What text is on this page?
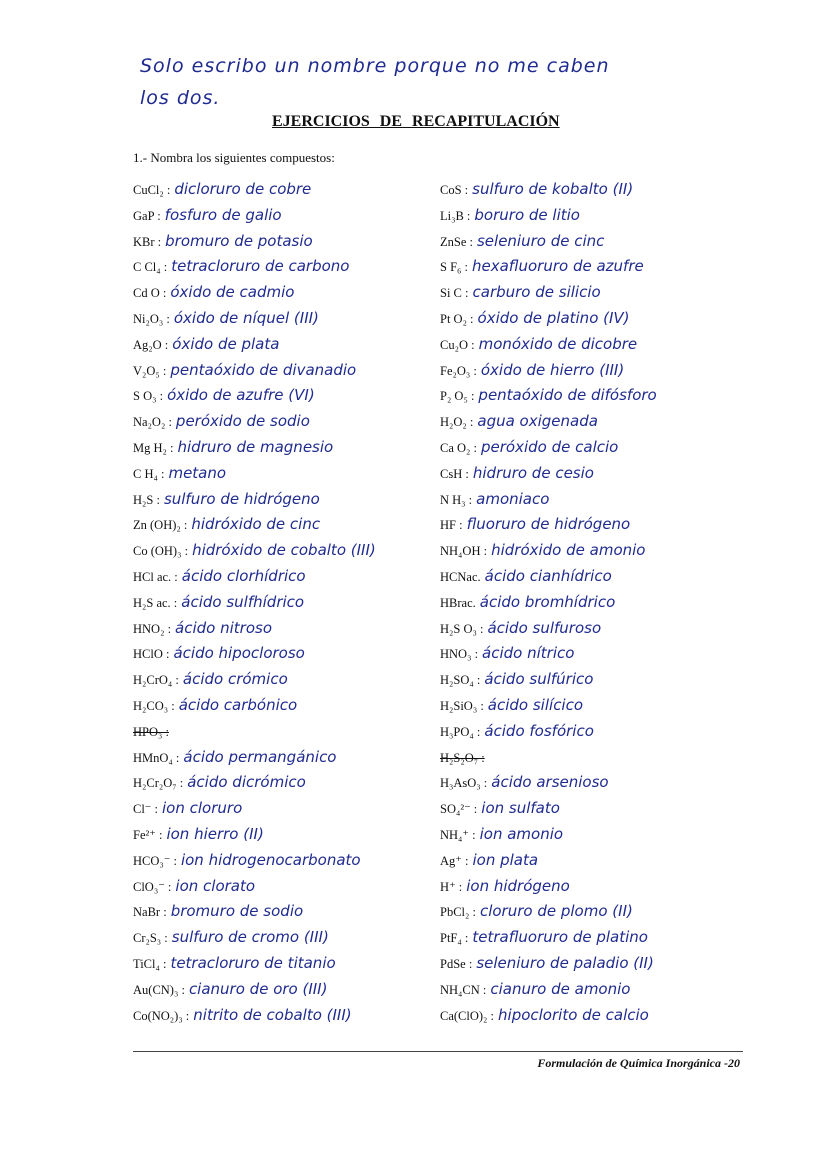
Solo escribo un nombre porque no me caben
los dos.
EJERCICIOS DE RECAPITULACIÓN
1.- Nombra los siguientes compuestos:
CuCl₂ : dicloruro de cobre
GaP : fosfuro de galio
KBr : bromuro de potasio
C Cl₄ : tetracloruro de carbono
Cd O : óxido de cadmio
Ni₂O₃ : óxido de níquel (III)
Ag₂O : óxido de plata
V₂O₅ : pentaóxido de divanadio
S O₃ : óxido de azufre (VI)
Na₂O₂ : peróxido de sodio
Mg H₂ : hidruro de magnesio
C H₄ : metano
H₂S : sulfuro de hidrógeno
Zn (OH)₂ : hidróxido de cinc
Co (OH)₃ : hidróxido de cobalto (III)
HCl ac. : ácido clorhídrico
H₂S ac. : ácido sulfhídrico
HNO₂ : ácido nitroso
HClO : ácido hipocloroso
H₂CrO₄ : ácido crómico
H₂CO₃ : ácido carbónico
HPO₃ :
HMnO₄ : ácido permangánico
H₂Cr₂O₇ : ácido dicrómico
Cl⁻ : ion cloruro
Fe²⁺ : ion hierro (II)
HCO₃⁻ : ion hidrogenocarbonato
ClO₃⁻ : ion clorato
NaBr : bromuro de sodio
Cr₂S₃ : sulfuro de cromo (III)
TiCl₄ : tetracloruro de titanio
Au(CN)₃ : cianuro de oro (III)
Co(NO₂)₃ : nitrito de cobalto (III)
CoS : sulfuro de kobalto (II)
Li₃B : boruro de litio
ZnSe : seleniuro de cinc
S F₆ : hexafluoruro de azufre
Si C : carburo de silicio
Pt O₂ : óxido de platino (IV)
Cu₂O : monóxido de dicobre
Fe₂O₃ : óxido de hierro (III)
P₂ O₅ : pentaóxido de difósforo
H₂O₂ : agua oxigenada
Ca O₂ : peróxido de calcio
CsH : hidruro de cesio
N H₃ : amoniaco
HF : fluoruro de hidrógeno
NH₄OH : hidróxido de amonio
HCNac. ácido cianhídrico
HBrac. ácido bromhídrico
H₂S O₃ : ácido sulfuroso
HNO₃ : ácido nítrico
H₂SO₄ : ácido sulfúrico
H₂SiO₃ : ácido silícico
H₃PO₄ : ácido fosfórico
H₂S₂O₇ :
H₃AsO₃ : ácido arsenioso
SO₄²⁻ : ion sulfato
NH₄⁺ : ion amonio
Ag⁺ : ion plata
H⁺ : ion hidrógeno
PbCl₂ : cloruro de plomo (II)
PtF₄ : tetrafluoruro de platino
PdSe : seleniuro de paladio (II)
NH₄CN : cianuro de amonio
Ca(ClO)₂ : hipoclorito de calcio
Formulación de Química Inorgánica -20
